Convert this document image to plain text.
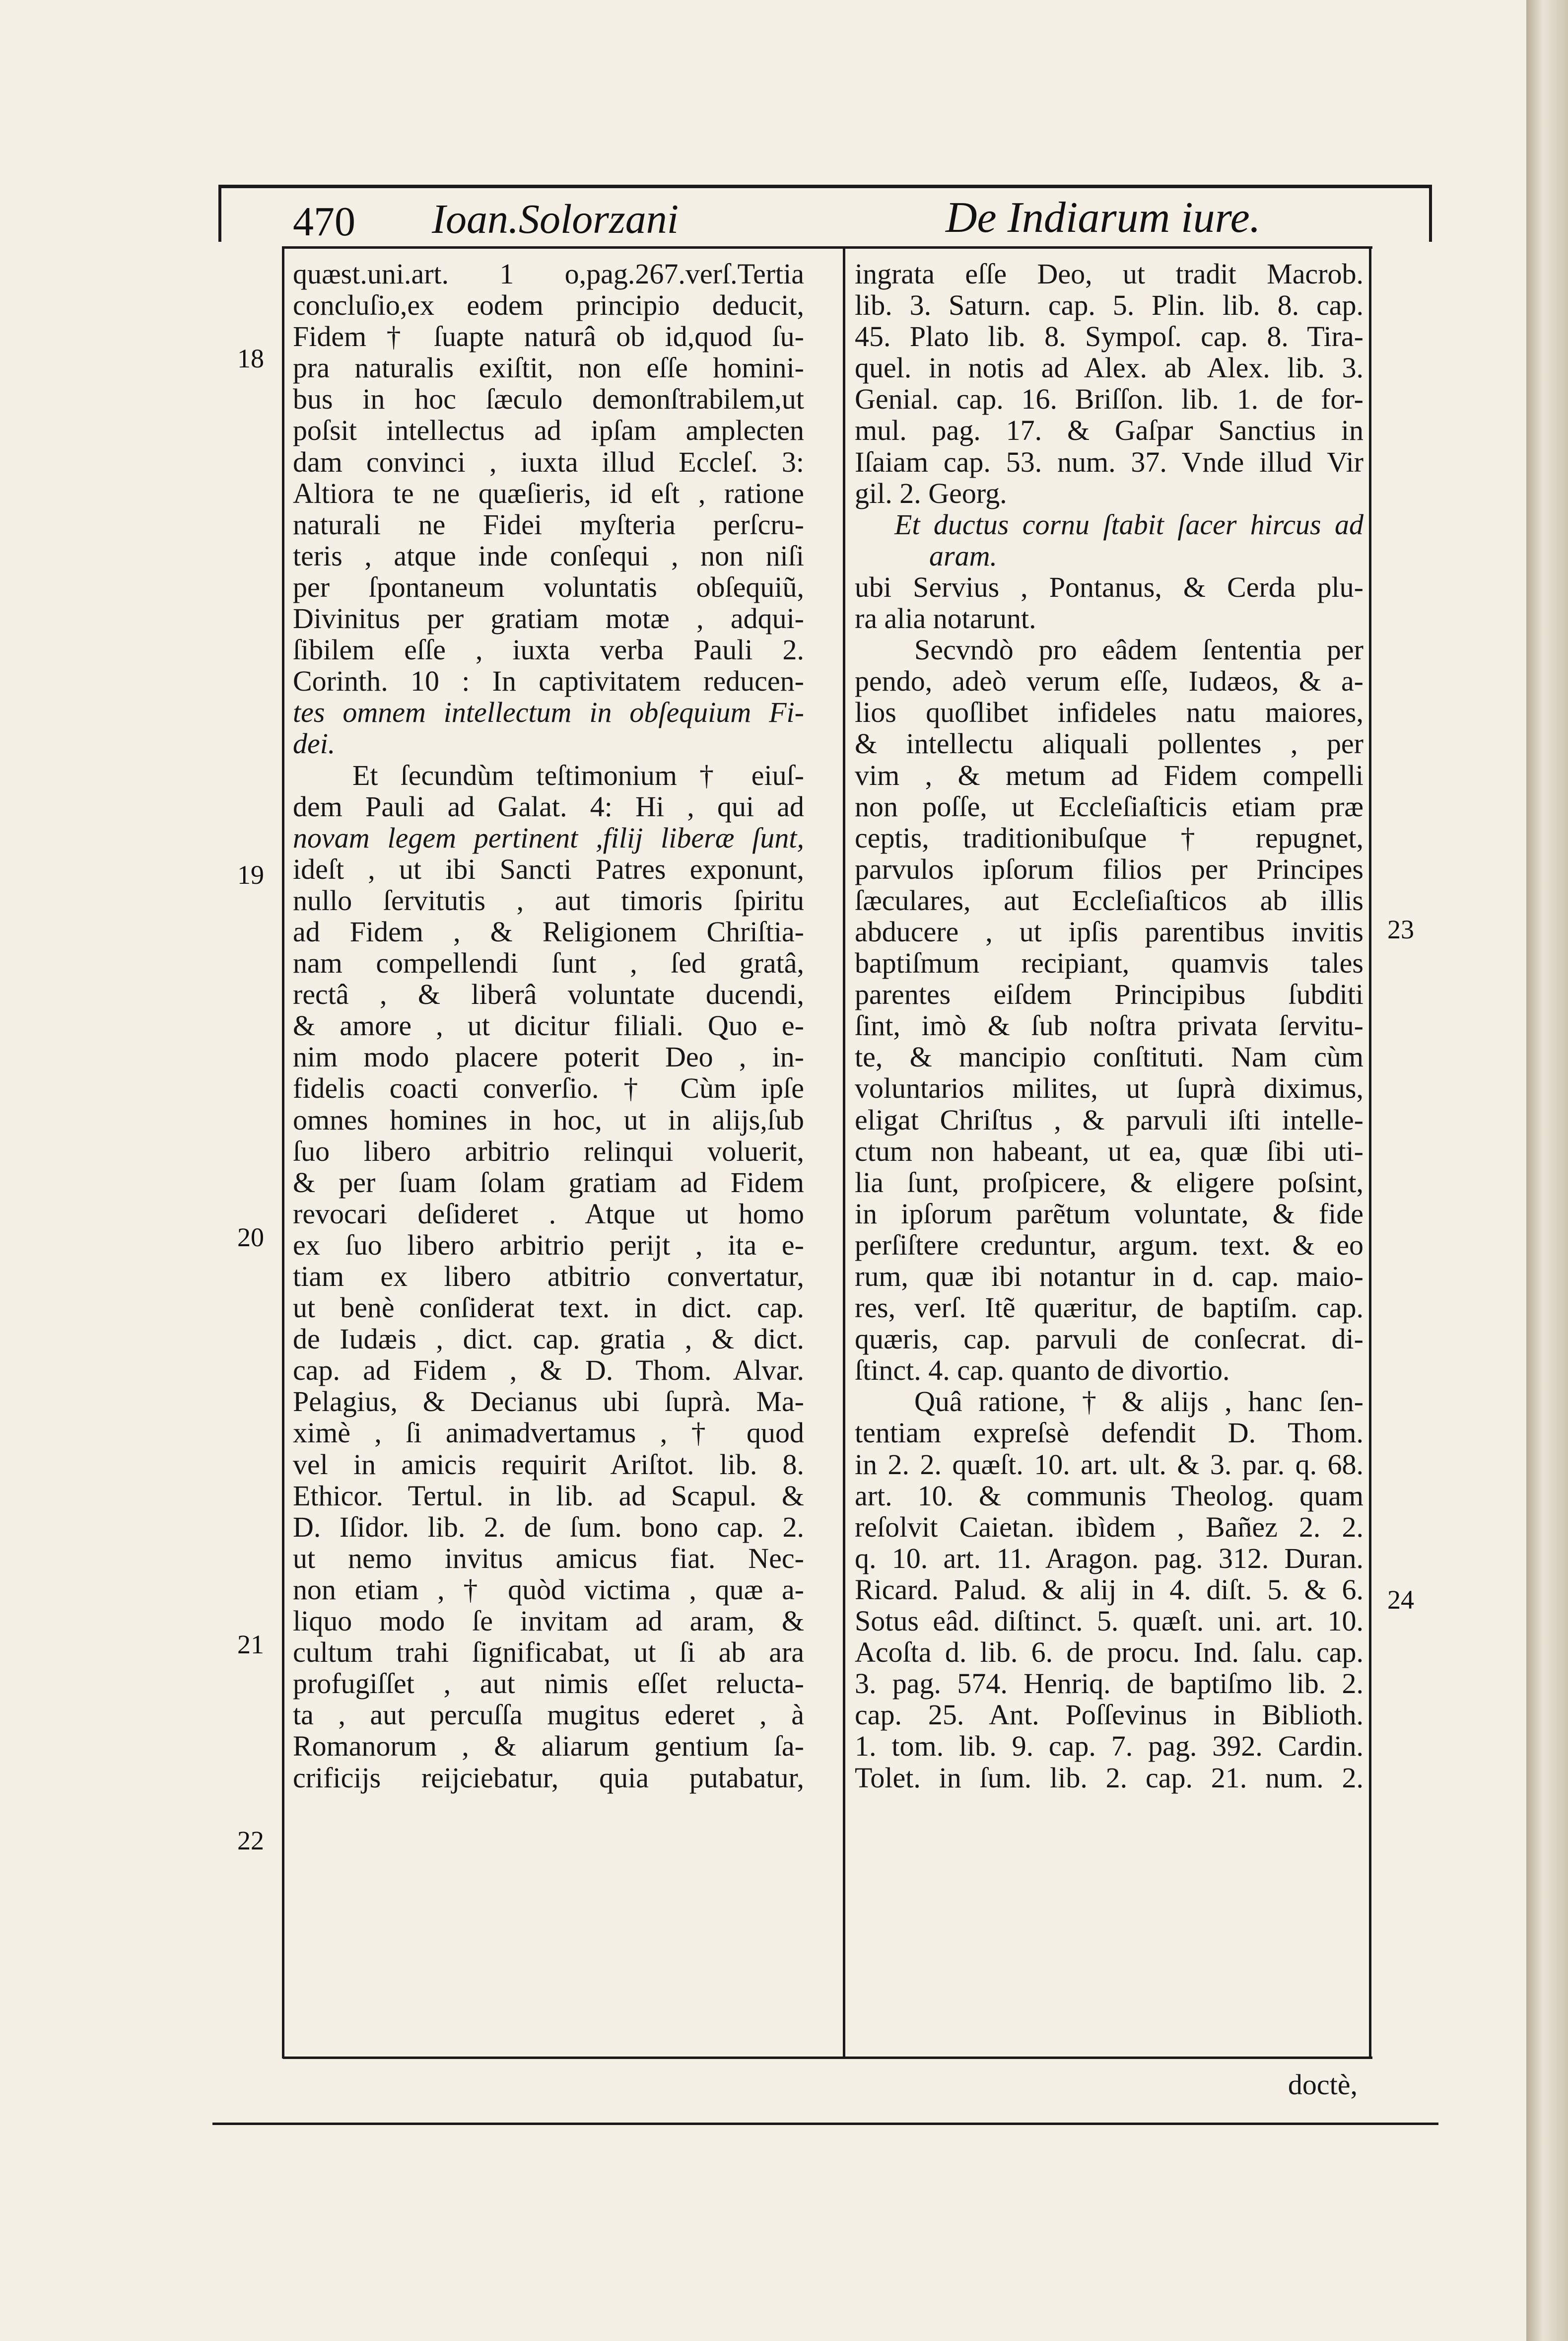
470 Ioan.Solorzani	De Indiarum iure.
quæst.uni.art. 1 o,pag.267.verſ.Tertia
concluſio,ex eodem principio deducit,
Fidem † ſuapte naturâ ob id,quod ſu-
pra naturalis exiſtit, non eſſe homini-
bus in hoc ſæculo demonſtrabilem,ut
poſsit intellectus ad ipſam amplecten
dam convinci , iuxta illud Eccleſ. 3:
Altiora te ne quæſieris, id eſt , ratione
naturali ne Fidei myſteria perſcru-
teris , atque inde conſequi , non niſi
per ſpontaneum voluntatis obſequiũ,
Divinitus per gratiam motæ , adqui-
ſibilem eſſe , iuxta verba Pauli 2.
Corinth. 10 : In captivitatem reducen-
tes omnem intellectum in obſequium Fi-
dei.
Et ſecundùm teſtimonium † eiuſ-
dem Pauli ad Galat. 4: Hi , qui ad
novam legem pertinent ,filij liberæ ſunt,
ideſt , ut ibi Sancti Patres exponunt,
nullo ſervitutis , aut timoris ſpiritu
ad Fidem , & Religionem Chriſtia-
nam compellendi ſunt , ſed gratâ,
rectâ , & liberâ voluntate ducendi,
& amore , ut dicitur filiali. Quo e-
nim modo placere poterit Deo , in-
fidelis coacti converſio. † Cùm ipſe
omnes homines in hoc, ut in alijs,ſub
ſuo libero arbitrio relinqui voluerit,
& per ſuam ſolam gratiam ad Fidem
revocari deſideret . Atque ut homo
ex ſuo libero arbitrio perijt , ita e-
tiam ex libero atbitrio convertatur,
ut benè conſiderat text. in dict. cap.
de Iudæis , dict. cap. gratia , & dict.
cap. ad Fidem , & D. Thom. Alvar.
Pelagius, & Decianus ubi ſuprà. Ma-
ximè , ſi animadvertamus , † quod
vel in amicis requirit Ariſtot. lib. 8.
Ethicor. Tertul. in lib. ad Scapul. &
D. Iſidor. lib. 2. de ſum. bono cap. 2.
ut nemo invitus amicus fiat. Nec-
non etiam , † quòd victima , quæ a-
liquo modo ſe invitam ad aram, &
cultum trahi ſignificabat, ut ſi ab ara
profugiſſet , aut nimis eſſet relucta-
ta , aut percuſſa mugitus ederet , à
Romanorum , & aliarum gentium ſa-
crificijs reijciebatur, quia putabatur,
ingrata eſſe Deo, ut tradit Macrob.
lib. 3. Saturn. cap. 5. Plin. lib. 8. cap.
45. Plato lib. 8. Sympoſ. cap. 8. Tira-
quel. in notis ad Alex. ab Alex. lib. 3.
Genial. cap. 16. Briſſon. lib. 1. de for-
mul. pag. 17. & Gaſpar Sanctius in
Iſaiam cap. 53. num. 37. Vnde illud Vir
gil. 2. Georg.
Et ductus cornu ſtabit ſacer hircus ad
aram.
ubi Servius , Pontanus, & Cerda plu-
ra alia notarunt.
Secvndò pro eâdem ſententia per
pendo, adeò verum eſſe, Iudæos, & a-
lios quoſlibet infideles natu maiores,
& intellectu aliquali pollentes , per
vim , & metum ad Fidem compelli
non poſſe, ut Eccleſiaſticis etiam præ
ceptis, traditionibuſque † repugnet,
parvulos ipſorum filios per Principes
ſæculares, aut Eccleſiaſticos ab illis
abducere , ut ipſis parentibus invitis
baptiſmum recipiant, quamvis tales
parentes eiſdem Principibus ſubditi
ſint, imò & ſub noſtra privata ſervitu-
te, & mancipio conſtituti. Nam cùm
voluntarios milites, ut ſuprà diximus,
eligat Chriſtus , & parvuli iſti intelle-
ctum non habeant, ut ea, quæ ſibi uti-
lia ſunt, proſpicere, & eligere poſsint,
in ipſorum parẽtum voluntate, & fide
perſiſtere creduntur, argum. text. & eo
rum, quæ ibi notantur in d. cap. maio-
res, verſ. Itẽ quæritur, de baptiſm. cap.
quæris, cap. parvuli de conſecrat. di-
ſtinct. 4. cap. quanto de divortio.
Quâ ratione, † & alijs , hanc ſen-
tentiam expreſsè defendit D. Thom.
in 2. 2. quæſt. 10. art. ult. & 3. par. q. 68.
art. 10. & communis Theolog. quam
reſolvit Caietan. ibìdem , Bañez 2. 2.
q. 10. art. 11. Aragon. pag. 312. Duran.
Ricard. Palud. & alij in 4. diſt. 5. & 6.
Sotus eâd. diſtinct. 5. quæſt. uni. art. 10.
Acoſta d. lib. 6. de procu. Ind. ſalu. cap.
3. pag. 574. Henriq. de baptiſmo lib. 2.
cap. 25. Ant. Poſſevinus in Biblioth.
1. tom. lib. 9. cap. 7. pag. 392. Cardin.
Tolet. in ſum. lib. 2. cap. 21. num. 2.
18
19
20
21
22
23
24
doctè,
